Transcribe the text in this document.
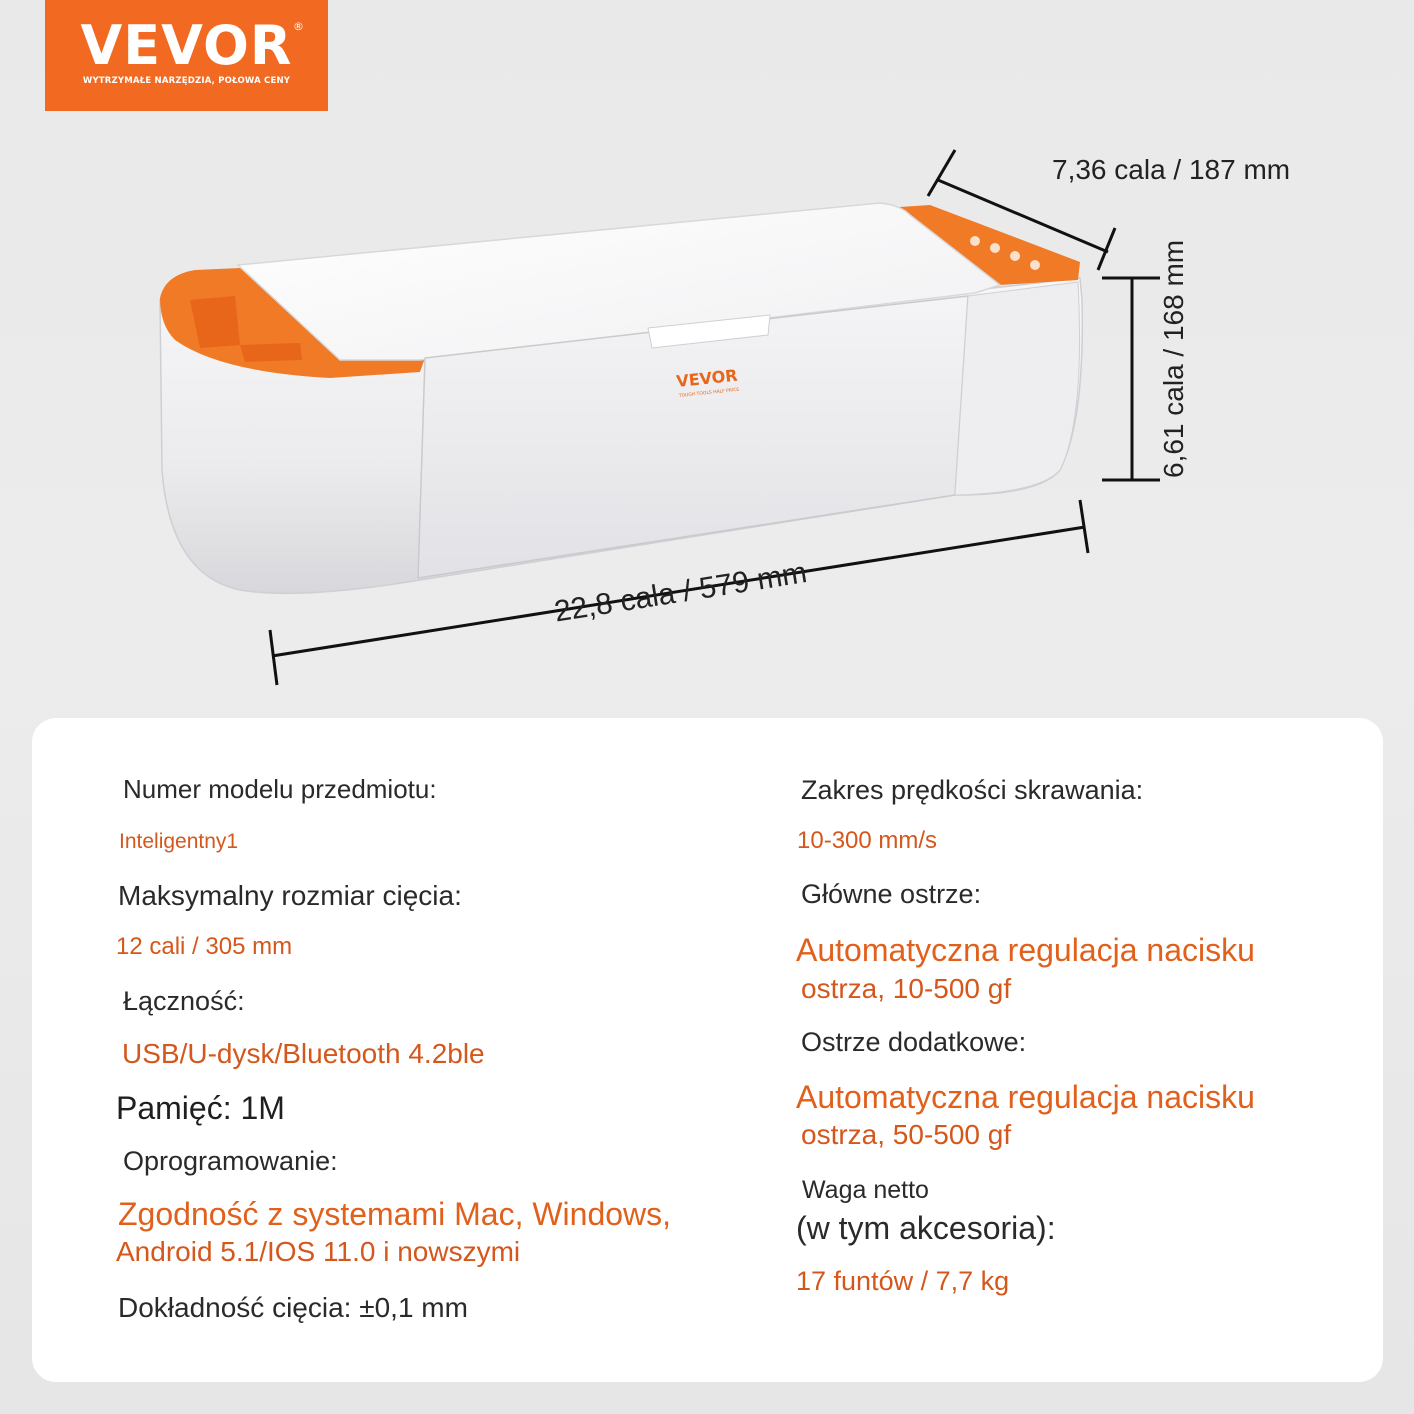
VEVOR ®
WYTRZYMAŁE NARZĘDZIA, POŁOWA CENY
VEVOR
TOUGH TOOLS HALF PRICE
7,36 cala / 187 mm
6,61 cala / 168 mm
22,8 cala / 579 mm
Numer modelu przedmiotu:
Inteligentny1
Maksymalny rozmiar cięcia:
12 cali / 305 mm
Łączność:
USB/U-dysk/Bluetooth 4.2ble
Pamięć: 1M
Oprogramowanie:
Zgodność z systemami Mac, Windows,
Android 5.1/IOS 11.0 i nowszymi
Dokładność cięcia: ±0,1 mm
Zakres prędkości skrawania:
10-300 mm/s
Główne ostrze:
Automatyczna regulacja nacisku
ostrza, 10-500 gf
Ostrze dodatkowe:
Automatyczna regulacja nacisku
ostrza, 50-500 gf
Waga netto
(w tym akcesoria):
17 funtów / 7,7 kg
